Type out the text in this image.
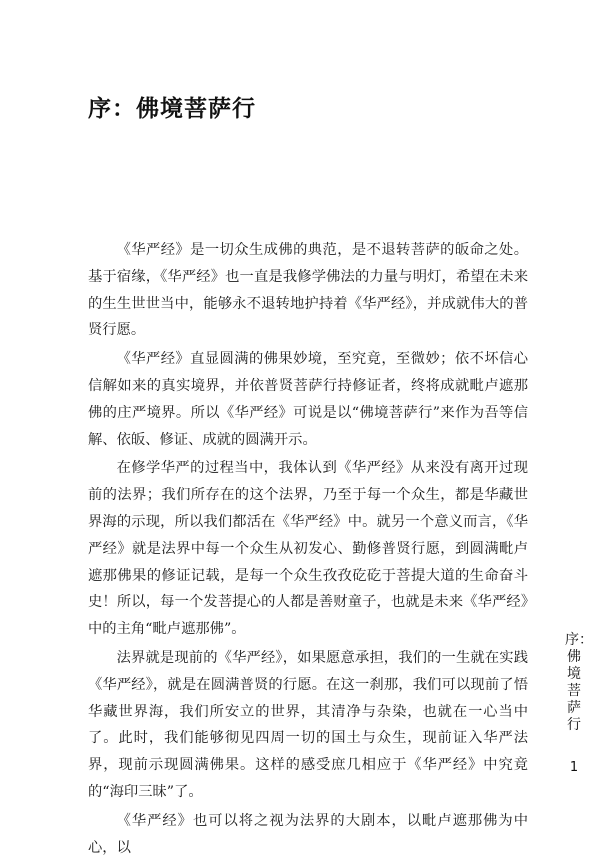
序：佛境菩萨行

《华严经》是一切众生成佛的典范，是不退转菩萨的皈命之处。基于宿缘，《华严经》也一直是我修学佛法的力量与明灯，希望在未来的生生世世当中，能够永不退转地护持着《华严经》，并成就伟大的普贤行愿。

《华严经》直显圆满的佛果妙境，至究竟，至微妙；依不坏信心信解如来的真实境界，并依普贤菩萨行持修证者，终将成就毗卢遮那佛的庄严境界。所以《华严经》可说是以“佛境菩萨行”来作为吾等信解、依皈、修证、成就的圆满开示。

在修学华严的过程当中，我体认到《华严经》从来没有离开过现前的法界；我们所存在的这个法界，乃至于每一个众生，都是华藏世界海的示现，所以我们都活在《华严经》中。就另一个意义而言，《华严经》就是法界中每一个众生从初发心、勤修普贤行愿，到圆满毗卢遮那佛果的修证记载，是每一个众生孜孜矻矻于菩提大道的生命奋斗史！所以，每一个发菩提心的人都是善财童子，也就是未来《华严经》中的主角“毗卢遮那佛”。

法界就是现前的《华严经》，如果愿意承担，我们的一生就在实践《华严经》，就是在圆满普贤的行愿。在这一刹那，我们可以现前了悟华藏世界海，我们所安立的世界，其清净与杂染，也就在一心当中了。此时，我们能够彻见四周一切的国土与众生，现前证入华严法界，现前示现圆满佛果。这样的感受庶几相应于《华严经》中究竟的“海印三昧”了。

《华严经》也可以将之视为法界的大剧本，以毗卢遮那佛为中心，以

序：佛境菩萨行
1
